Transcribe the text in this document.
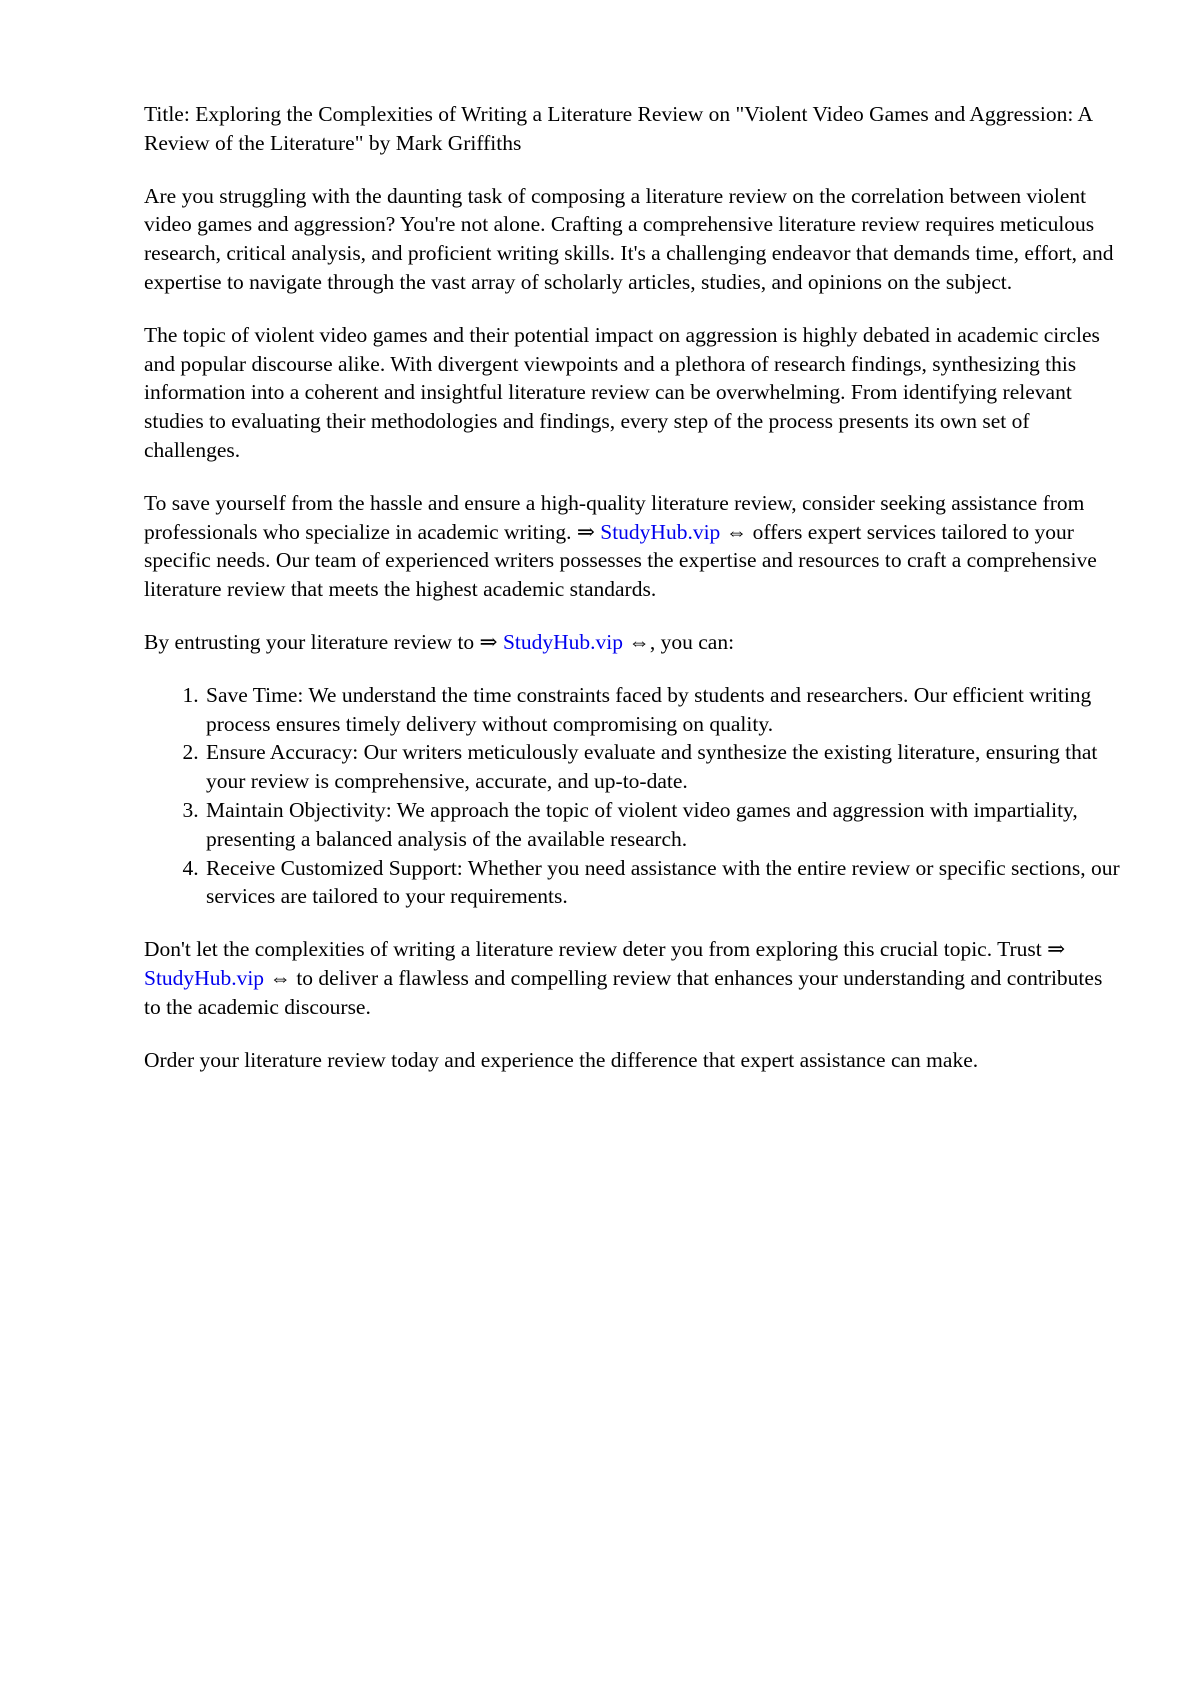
Title: Exploring the Complexities of Writing a Literature Review on "Violent Video Games and Aggression: A Review of the Literature" by Mark Griffiths

Are you struggling with the daunting task of composing a literature review on the correlation between violent video games and aggression? You're not alone. Crafting a comprehensive literature review requires meticulous research, critical analysis, and proficient writing skills. It's a challenging endeavor that demands time, effort, and expertise to navigate through the vast array of scholarly articles, studies, and opinions on the subject.

The topic of violent video games and their potential impact on aggression is highly debated in academic circles and popular discourse alike. With divergent viewpoints and a plethora of research findings, synthesizing this information into a coherent and insightful literature review can be overwhelming. From identifying relevant studies to evaluating their methodologies and findings, every step of the process presents its own set of challenges.

To save yourself from the hassle and ensure a high-quality literature review, consider seeking assistance from professionals who specialize in academic writing. ⇒ StudyHub.vip ⇔ offers expert services tailored to your specific needs. Our team of experienced writers possesses the expertise and resources to craft a comprehensive literature review that meets the highest academic standards.

By entrusting your literature review to ⇒ StudyHub.vip ⇔, you can:

1. Save Time: We understand the time constraints faced by students and researchers. Our efficient writing process ensures timely delivery without compromising on quality.
2. Ensure Accuracy: Our writers meticulously evaluate and synthesize the existing literature, ensuring that your review is comprehensive, accurate, and up-to-date.
3. Maintain Objectivity: We approach the topic of violent video games and aggression with impartiality, presenting a balanced analysis of the available research.
4. Receive Customized Support: Whether you need assistance with the entire review or specific sections, our services are tailored to your requirements.

Don't let the complexities of writing a literature review deter you from exploring this crucial topic. Trust ⇒ StudyHub.vip ⇔ to deliver a flawless and compelling review that enhances your understanding and contributes to the academic discourse.

Order your literature review today and experience the difference that expert assistance can make.
